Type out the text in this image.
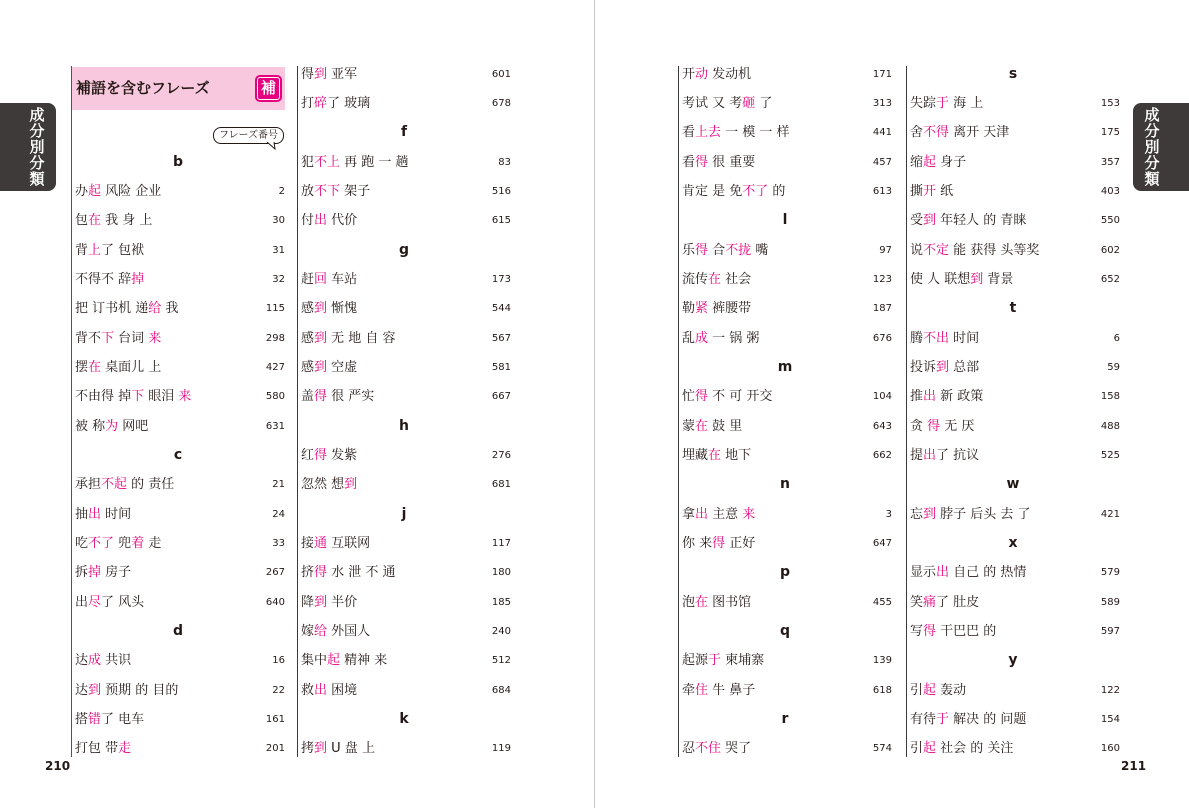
成分別分類	成分別分類
補語を含むフレーズ	補
フレーズ番号
b
办起 风险 企业	2
包在 我 身 上	30
背上了 包袱	31
不得不 辞掉	32
把 订书机 递给 我	115
背不下 台词 来	298
摆在 桌面儿 上	427
不由得 掉下 眼泪 来	580
被 称为 网吧	631
c
承担不起 的 责任	21
抽出 时间	24
吃不了 兜着 走	33
拆掉 房子	267
出尽了 风头	640
d
达成 共识	16
达到 预期 的 目的	22
搭错了 电车	161
打包 带走	201
得到 亚军	601
打碎了 玻璃	678
f
犯不上 再 跑 一 趟	83
放不下 架子	516
付出 代价	615
g
赶回 车站	173
感到 惭愧	544
感到 无 地 自 容	567
感到 空虚	581
盖得 很 严实	667
h
红得 发紫	276
忽然 想到	681
j
接通 互联网	117
挤得 水 泄 不 通	180
降到 半价	185
嫁给 外国人	240
集中起 精神 来	512
救出 困境	684
k
拷到 U 盘 上	119
开动 发动机	171
考试 又 考砸 了	313
看上去 一 模 一 样	441
看得 很 重要	457
肯定 是 免不了 的	613
l
乐得 合不拢 嘴	97
流传在 社会	123
勒紧 裤腰带	187
乱成 一 锅 粥	676
m
忙得 不 可 开交	104
蒙在 鼓 里	643
埋藏在 地下	662
n
拿出 主意 来	3
你 来得 正好	647
p
泡在 图书馆	455
q
起源于 柬埔寨	139
牵住 牛 鼻子	618
r
忍不住 哭了	574
s
失踪于 海 上	153
舍不得 离开 天津	175
缩起 身子	357
撕开 纸	403
受到 年轻人 的 青睐	550
说不定 能 获得 头等奖	602
使 人 联想到 背景	652
t
腾不出 时间	6
投诉到 总部	59
推出 新 政策	158
贪 得 无 厌	488
提出了 抗议	525
w
忘到 脖子 后头 去 了	421
x
显示出 自己 的 热情	579
笑痛了 肚皮	589
写得 干巴巴 的	597
y
引起 轰动	122
有待于 解决 的 问题	154
引起 社会 的 关注	160
210	211
